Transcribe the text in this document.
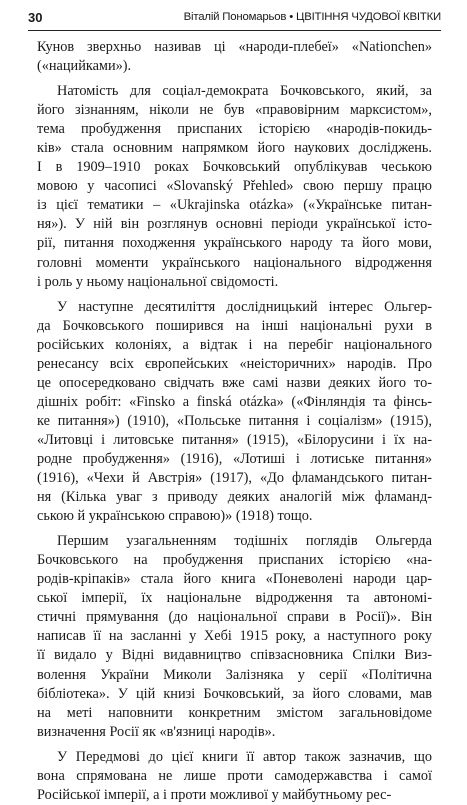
30	Віталій Пономарьов • ЦВІТІННЯ ЧУДОВОЇ КВІТКИ
Кунов зверхньо називав ці «народи-плебеї» «Nationchen»
(«нацийками»).
Натомість для соціал-демократа Бочковського, який, за
його зізнанням, ніколи не був «правовірним марксистом»,
тема пробудження приспаних історією «народів-покидь-
ків» стала основним напрямком його наукових досліджень.
І в 1909–1910 роках Бочковський опублікував чеською
мовою у часописі «Slovanský Přehled» свою першу працю
із цієї тематики – «Ukrajinska otázka» («Українське питан-
ня»). У ній він розглянув основні періоди української істо-
рії, питання походження українського народу та його мови,
головні моменти українського національного відродження
і роль у ньому національної свідомості.
У наступне десятиліття дослідницький інтерес Ольгер-
да Бочковського поширився на інші національні рухи в
російських колоніях, а відтак і на перебіг національного
ренесансу всіх європейських «неісторичних» народів. Про
це опосередковано свідчать вже самі назви деяких його то-
дішніх робіт: «Finsko a finská otázka» («Фінляндія та фінсь-
ке питання») (1910), «Польське питання і соціалізм» (1915),
«Литовці і литовське питання» (1915), «Білорусини і їх на-
родне пробудження» (1916), «Лотиші і лотиське питання»
(1916), «Чехи й Австрія» (1917), «До фламандського питан-
ня (Кілька уваг з приводу деяких аналогій між фламанд-
ською й українською справою)» (1918) тощо.
Першим узагальненням тодішніх поглядів Ольгерда
Бочковського на пробудження приспаних історією «на-
родів-кріпаків» стала його книга «Поневолені народи цар-
ської імперії, їх національне відродження та автономі-
стичні прямування (до національної справи в Росії)». Він
написав її на засланні у Хебі 1915 року, а наступного року
її видало у Відні видавництво співзасновника Спілки Виз-
волення України Миколи Залізняка у серії «Політична
бібліотека». У цій книзі Бочковський, за його словами, мав
на меті наповнити конкретним змістом загальновідоме
визначення Росії як «в'язниці народів».
У Передмові до цієї книги її автор також зазначив, що
вона спрямована не лише проти самодержавства і самої
Російської імперії, а і проти можливої у майбутньому рес-
